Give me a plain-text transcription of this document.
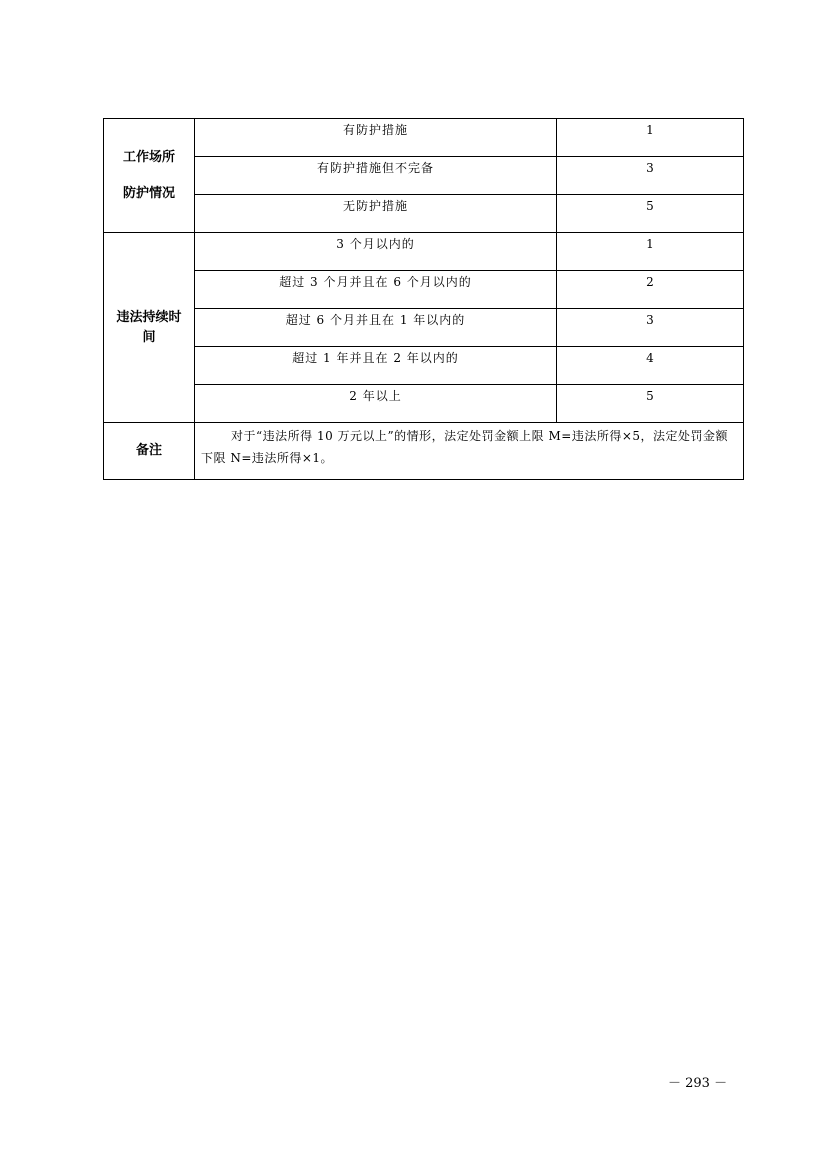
工作场所
防护情况	有防护措施	1
	有防护措施但不完备	3
	无防护措施	5

违法持续时
间	3 个月以内的	1
	超过 3 个月并且在 6 个月以内的	2
	超过 6 个月并且在 1 年以内的	3
	超过 1 年并且在 2 年以内的	4
	2 年以上	5
备注	对于“违法所得 10 万元以上”的情形，法定处罚金额上限 M=违法所得×5，法定处罚金额下限 N=违法所得×1。	
－ 293 －
